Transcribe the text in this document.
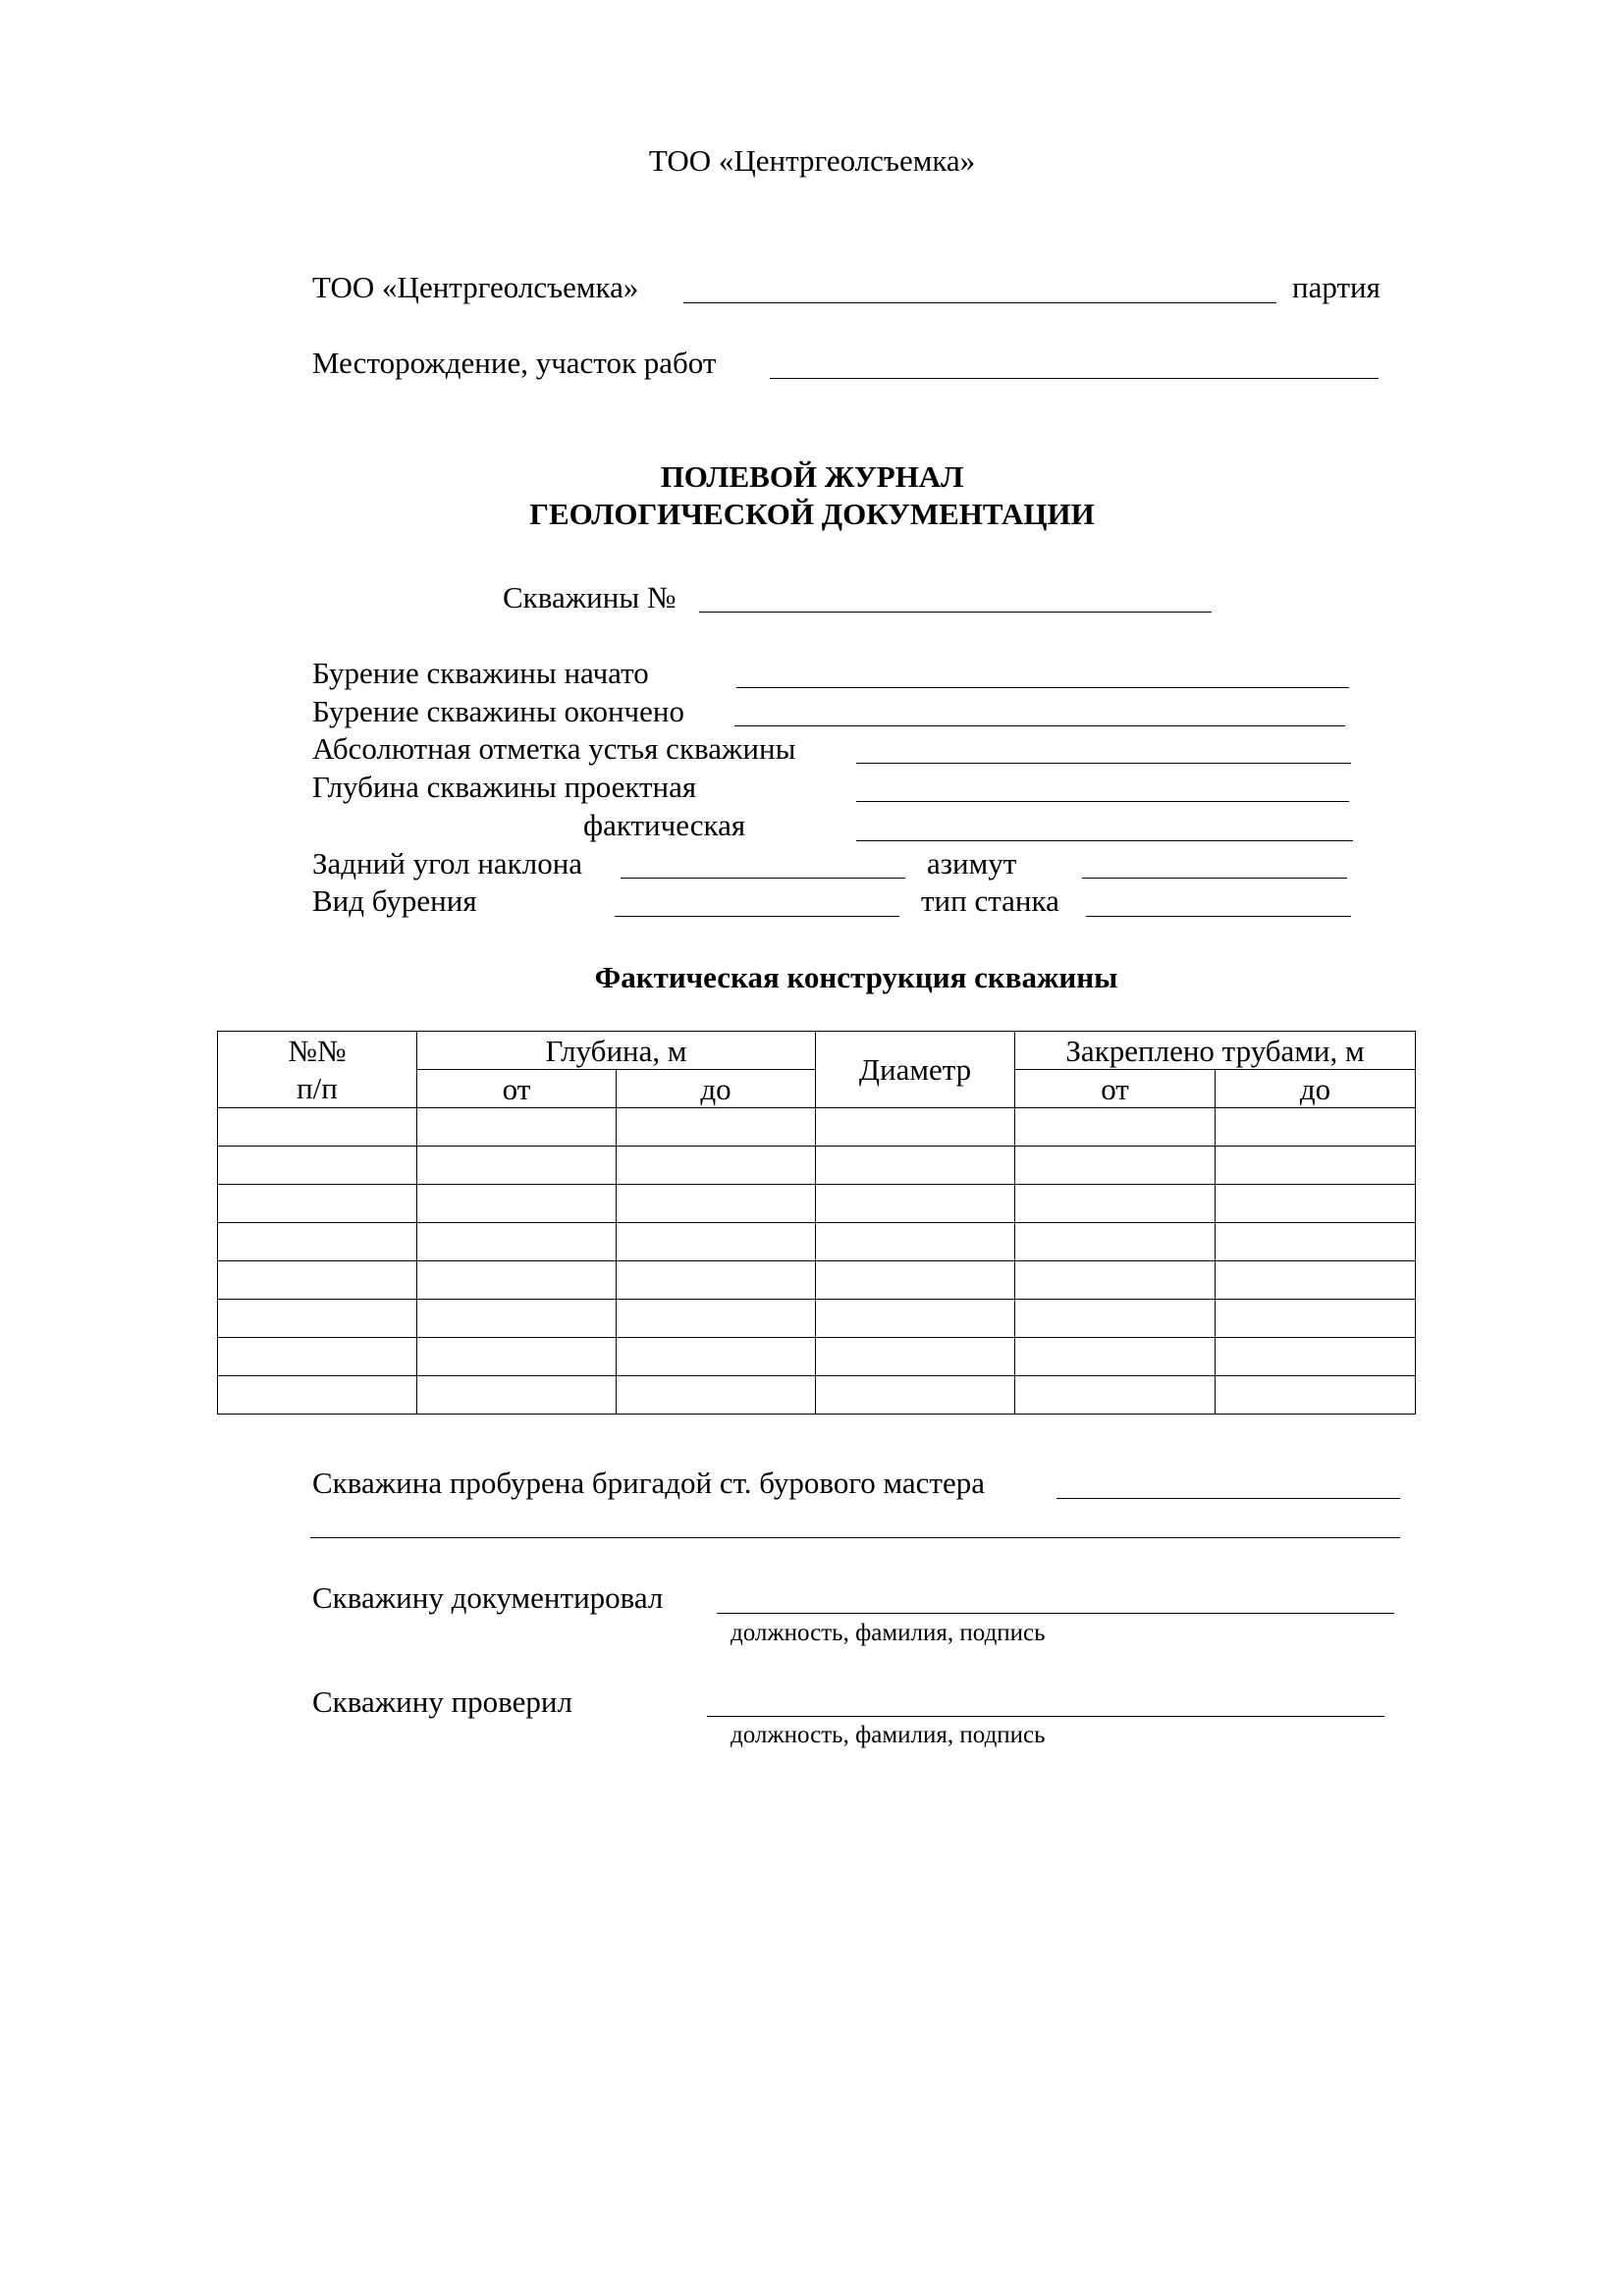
ТОО «Центргеолсъемка»
ТОО «Центргеолсъемка»	партия
Месторождение, участок работ
ПОЛЕВОЙ ЖУРНАЛ
ГЕОЛОГИЧЕСКОЙ ДОКУМЕНТАЦИИ
Скважины №
Бурение скважины начато
Бурение скважины окончено
Абсолютная отметка устья скважины
Глубина скважины проектная
фактическая
Задний угол наклона	азимут
Вид бурения	тип станка
Фактическая конструкция скважины
№№	Глубина, м		Диаметр	Закреплено трубами, м	
п/п	от	до		от	до

Скважина пробурена бригадой ст. бурового мастера
Скважину документировал
должность, фамилия, подпись
Скважину проверил
должность, фамилия, подпись
